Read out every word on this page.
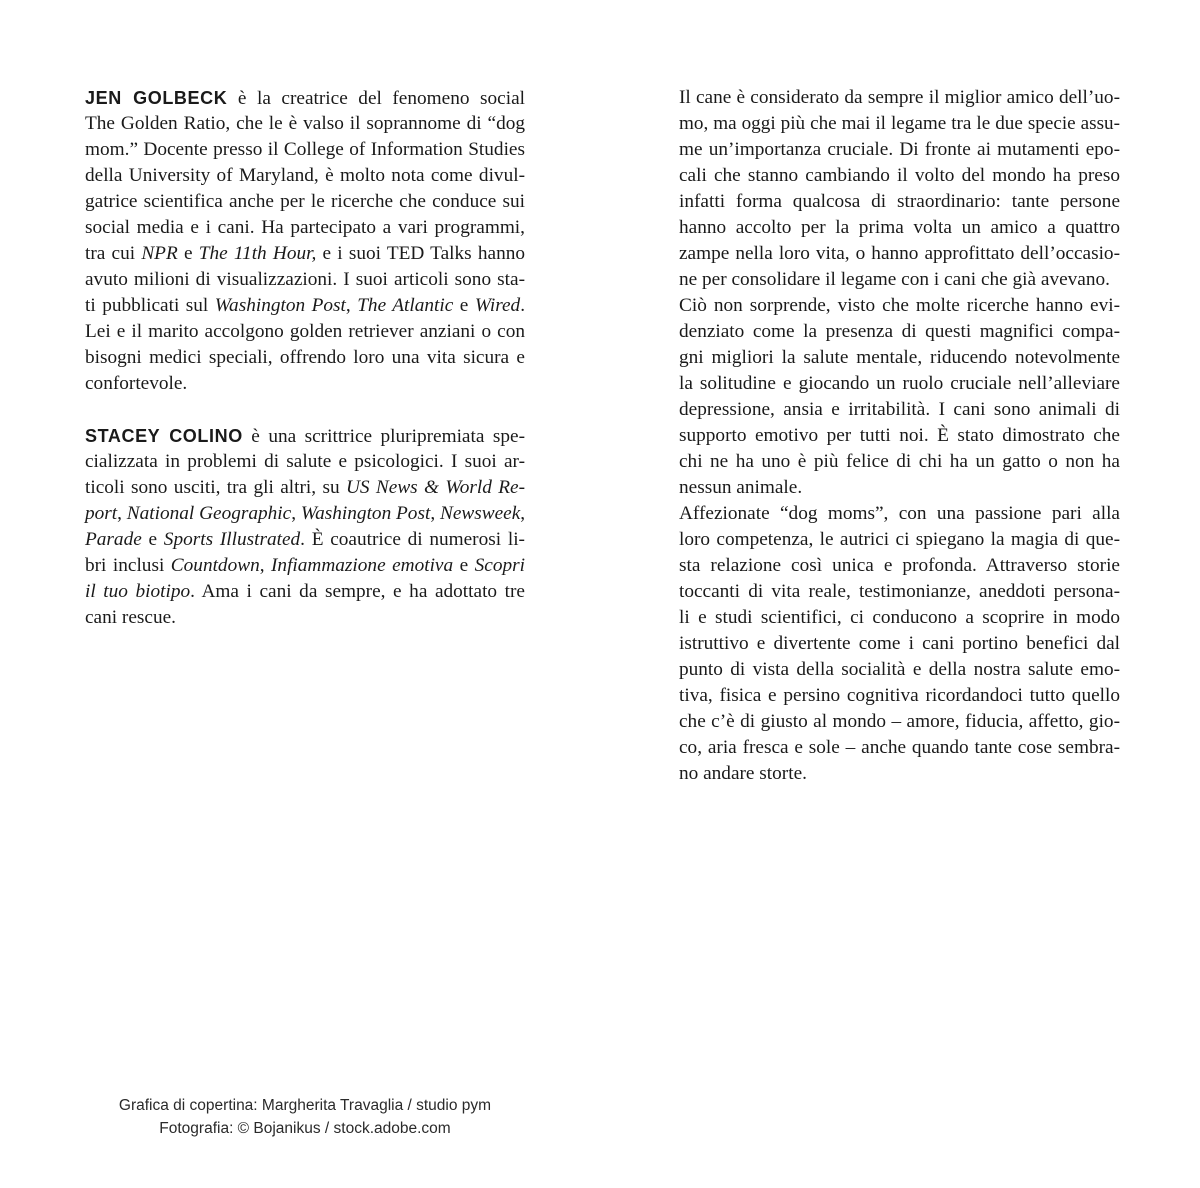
JEN GOLBECK è la creatrice del fenomeno social
The Golden Ratio, che le è valso il soprannome di “dog
mom.” Docente presso il College of Information Studies
della University of Maryland, è molto nota come divul-
gatrice scientifica anche per le ricerche che conduce sui
social media e i cani. Ha partecipato a vari programmi,
tra cui NPR e The 11th Hour, e i suoi TED Talks hanno
avuto milioni di visualizzazioni. I suoi articoli sono sta-
ti pubblicati sul Washington Post, The Atlantic e Wired.
Lei e il marito accolgono golden retriever anziani o con
bisogni medici speciali, offrendo loro una vita sicura e
confortevole.
STACEY COLINO è una scrittrice pluripremiata spe-
cializzata in problemi di salute e psicologici. I suoi ar-
ticoli sono usciti, tra gli altri, su US News & World Re-
port, National Geographic, Washington Post, Newsweek,
Parade e Sports Illustrated. È coautrice di numerosi li-
bri inclusi Countdown, Infiammazione emotiva e Scopri
il tuo biotipo. Ama i cani da sempre, e ha adottato tre
cani rescue.
Il cane è considerato da sempre il miglior amico dell’uo-
mo, ma oggi più che mai il legame tra le due specie assu-
me un’importanza cruciale. Di fronte ai mutamenti epo-
cali che stanno cambiando il volto del mondo ha preso
infatti forma qualcosa di straordinario: tante persone
hanno accolto per la prima volta un amico a quattro
zampe nella loro vita, o hanno approfittato dell’occasio-
ne per consolidare il legame con i cani che già avevano.
Ciò non sorprende, visto che molte ricerche hanno evi-
denziato come la presenza di questi magnifici compa-
gni migliori la salute mentale, riducendo notevolmente
la solitudine e giocando un ruolo cruciale nell’alleviare
depressione, ansia e irritabilità. I cani sono animali di
supporto emotivo per tutti noi. È stato dimostrato che
chi ne ha uno è più felice di chi ha un gatto o non ha
nessun animale.
Affezionate “dog moms”, con una passione pari alla
loro competenza, le autrici ci spiegano la magia di que-
sta relazione così unica e profonda. Attraverso storie
toccanti di vita reale, testimonianze, aneddoti persona-
li e studi scientifici, ci conducono a scoprire in modo
istruttivo e divertente come i cani portino benefici dal
punto di vista della socialità e della nostra salute emo-
tiva, fisica e persino cognitiva ricordandoci tutto quello
che c’è di giusto al mondo – amore, fiducia, affetto, gio-
co, aria fresca e sole – anche quando tante cose sembra-
no andare storte.
Grafica di copertina: Margherita Travaglia / studio pym
Fotografia: © Bojanikus / stock.adobe.com
